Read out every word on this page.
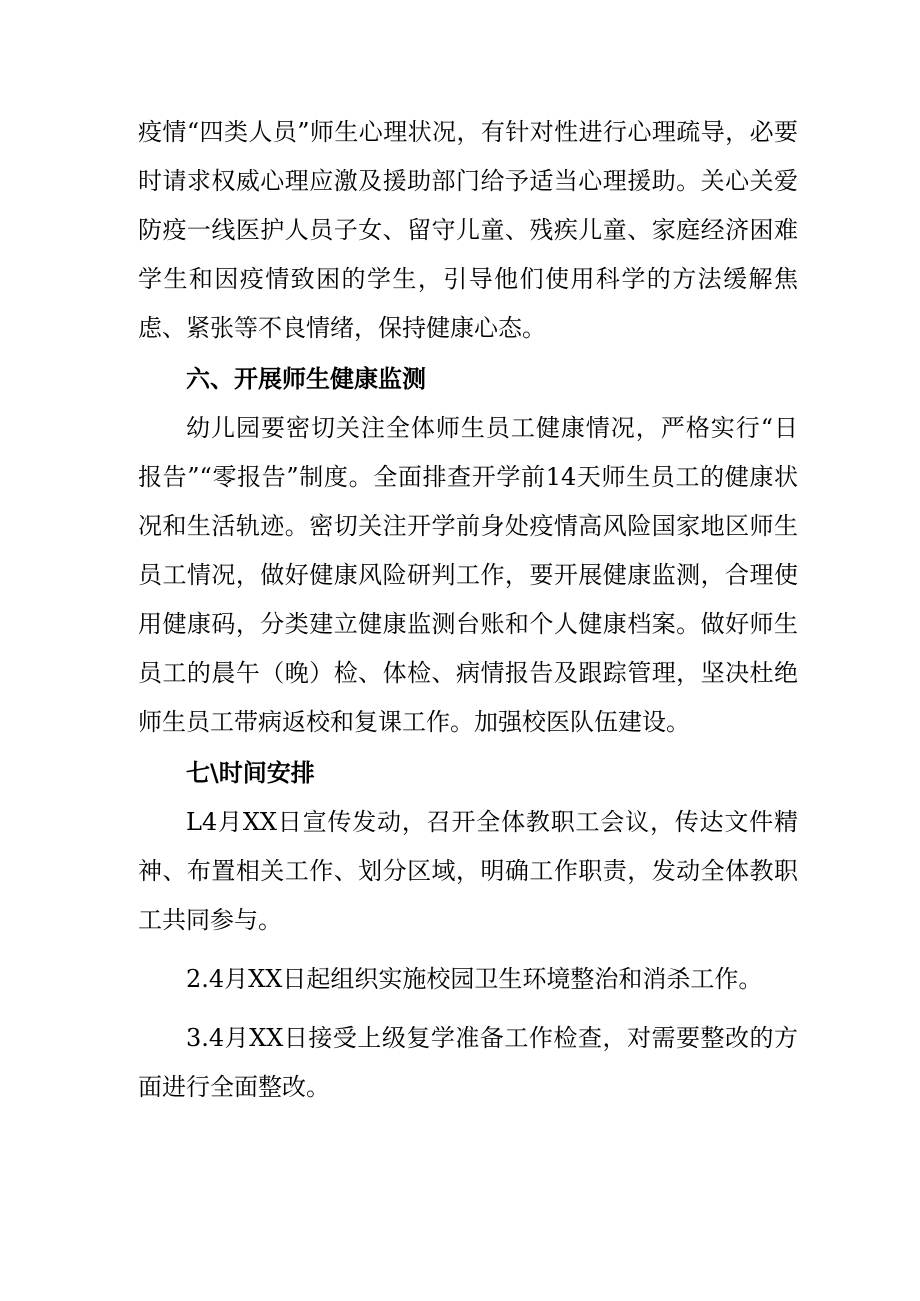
疫情“四类人员”师生心理状况，有针对性进行心理疏导，必要时请求权威心理应激及援助部门给予适当心理援助。关心关爱防疫一线医护人员子女、留守儿童、残疾儿童、家庭经济困难学生和因疫情致困的学生，引导他们使用科学的方法缓解焦虑、紧张等不良情绪，保持健康心态。

六、开展师生健康监测

幼儿园要密切关注全体师生员工健康情况，严格实行“日报告”“零报告”制度。全面排查开学前14天师生员工的健康状况和生活轨迹。密切关注开学前身处疫情高风险国家地区师生员工情况，做好健康风险研判工作，要开展健康监测，合理使用健康码，分类建立健康监测台账和个人健康档案。做好师生员工的晨午（晚）检、体检、病情报告及跟踪管理，坚决杜绝师生员工带病返校和复课工作。加强校医队伍建设。

七\时间安排

L4月XX日宣传发动，召开全体教职工会议，传达文件精神、布置相关工作、划分区域，明确工作职责，发动全体教职工共同参与。

2.4月XX日起组织实施校园卫生环境整治和消杀工作。

3.4月XX日接受上级复学准备工作检查，对需要整改的方面进行全面整改。
